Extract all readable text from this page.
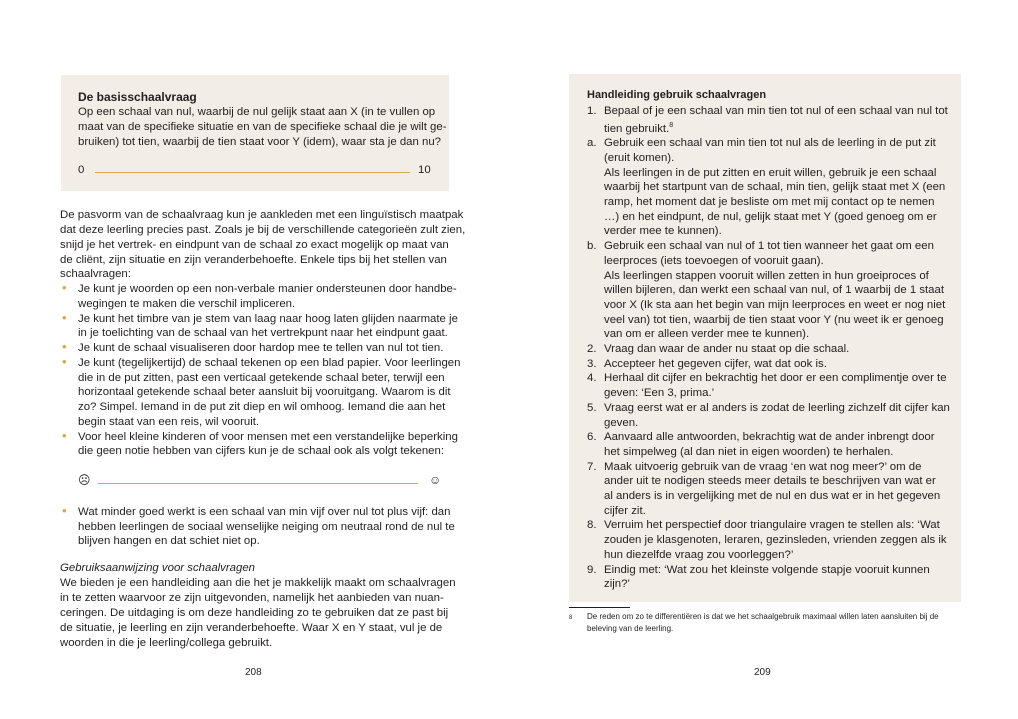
De basisschaalvraag
Op een schaal van nul, waarbij de nul gelijk staat aan X (in te vullen op
maat van de specifieke situatie en van de specifieke schaal die je wilt ge-
bruiken) tot tien, waarbij de tien staat voor Y (idem), waar sta je dan nu?
0	10
De pasvorm van de schaalvraag kun je aankleden met een linguïstisch maatpak
dat deze leerling precies past. Zoals je bij de verschillende categorieën zult zien,
snijd je het vertrek- en eindpunt van de schaal zo exact mogelijk op maat van
de cliënt, zijn situatie en zijn veranderbehoefte. Enkele tips bij het stellen van
schaalvragen:
• Je kunt je woorden op een non-verbale manier ondersteunen door handbe-
wegingen te maken die verschil impliceren.
• Je kunt het timbre van je stem van laag naar hoog laten glijden naarmate je
in je toelichting van de schaal van het vertrekpunt naar het eindpunt gaat.
• Je kunt de schaal visualiseren door hardop mee te tellen van nul tot tien.
• Je kunt (tegelijkertijd) de schaal tekenen op een blad papier. Voor leerlingen
die in de put zitten, past een verticaal getekende schaal beter, terwijl een
horizontaal getekende schaal beter aansluit bij vooruitgang. Waarom is dit
zo? Simpel. Iemand in de put zit diep en wil omhoog. Iemand die aan het
begin staat van een reis, wil vooruit.
• Voor heel kleine kinderen of voor mensen met een verstandelijke beperking
die geen notie hebben van cijfers kun je de schaal ook als volgt tekenen:
☹	☺
• Wat minder goed werkt is een schaal van min vijf over nul tot plus vijf: dan
hebben leerlingen de sociaal wenselijke neiging om neutraal rond de nul te
blijven hangen en dat schiet niet op.
Gebruiksaanwijzing voor schaalvragen
We bieden je een handleiding aan die het je makkelijk maakt om schaalvragen
in te zetten waarvoor ze zijn uitgevonden, namelijk het aanbieden van nuan-
ceringen. De uitdaging is om deze handleiding zo te gebruiken dat ze past bij
de situatie, je leerling en zijn veranderbehoefte. Waar X en Y staat, vul je de
woorden in die je leerling/collega gebruikt.
208
Handleiding gebruik schaalvragen
1. Bepaal of je een schaal van min tien tot nul of een schaal van nul tot
tien gebruikt.$^8$
a. Gebruik een schaal van min tien tot nul als de leerling in de put zit
(eruit komen).
Als leerlingen in de put zitten en eruit willen, gebruik je een schaal
waarbij het startpunt van de schaal, min tien, gelijk staat met X (een
ramp, het moment dat je besliste om met mij contact op te nemen
…) en het eindpunt, de nul, gelijk staat met Y (goed genoeg om er
verder mee te kunnen).
b. Gebruik een schaal van nul of 1 tot tien wanneer het gaat om een
leerproces (iets toevoegen of vooruit gaan).
Als leerlingen stappen vooruit willen zetten in hun groeiproces of
willen bijleren, dan werkt een schaal van nul, of 1 waarbij de 1 staat
voor X (Ik sta aan het begin van mijn leerproces en weet er nog niet
veel van) tot tien, waarbij de tien staat voor Y (nu weet ik er genoeg
van om er alleen verder mee te kunnen).
2. Vraag dan waar de ander nu staat op die schaal.
3. Accepteer het gegeven cijfer, wat dat ook is.
4. Herhaal dit cijfer en bekrachtig het door er een complimentje over te
geven: ‘Een 3, prima.’
5. Vraag eerst wat er al anders is zodat de leerling zichzelf dit cijfer kan
geven.
6. Aanvaard alle antwoorden, bekrachtig wat de ander inbrengt door
het simpelweg (al dan niet in eigen woorden) te herhalen.
7. Maak uitvoerig gebruik van de vraag ‘en wat nog meer?’ om de
ander uit te nodigen steeds meer details te beschrijven van wat er
al anders is in vergelijking met de nul en dus wat er in het gegeven
cijfer zit.
8. Verruim het perspectief door triangulaire vragen te stellen als: ‘Wat
zouden je klasgenoten, leraren, gezinsleden, vrienden zeggen als ik
hun diezelfde vraag zou voorleggen?’
9. Eindig met: ‘Wat zou het kleinste volgende stapje vooruit kunnen
zijn?’
8 De reden om zo te differentiëren is dat we het schaalgebruik maximaal willen laten aansluiten bij de
beleving van de leerling.
209
